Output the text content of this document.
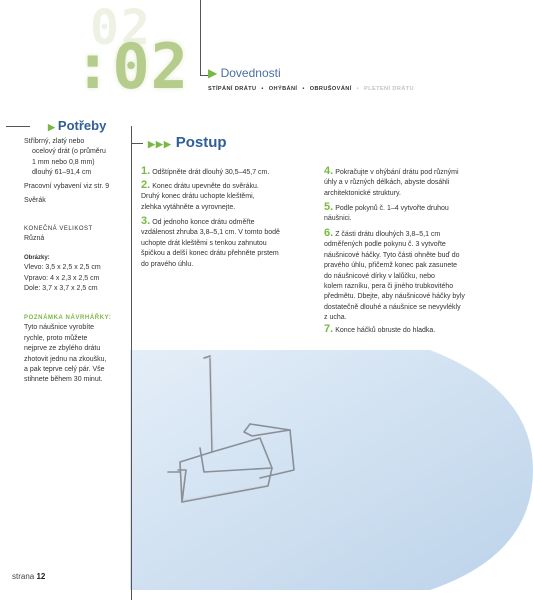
02
:02 ▶ Dovednosti
STÍPÁNÍ DRÁTU • OHÝBÁNÍ • OBRUŠOVÁNÍ • PLETENÍ DRÁTU
▶ Potřeby
Stříbrný, zlatý nebo
ocelový drát (o průměru
1 mm nebo 0,8 mm)
dlouhý 61–91,4 cm
Pracovní vybavení viz str. 9
Svěrák
KONEČNÁ VELIKOST
Různá
Obrázky:
Vlevo: 3,5 x 2,5 x 2,5 cm
Vpravo: 4 x 2,3 x 2,5 cm
Dole: 3,7 x 3,7 x 2,5 cm
POZNÁMKA NÁVRHÁŘKY:
Tyto náušnice vyrobíte
rychle, proto můžete
nejprve ze zbylého drátu
zhotovit jednu na zkoušku,
a pak teprve celý pár. Vše
stihnete během 30 minut.
▶▶▶ Postup
1. Odštípněte drát dlouhý 30,5–45,7 cm.
2. Konec drátu upevněte do svěráku.
Druhý konec drátu uchopte kleštěmi,
zlehka vytáhněte a vyrovnejte.
3. Od jednoho konce drátu odměřte
vzdálenost zhruba 3,8–5,1 cm. V tomto bodě
uchopte drát kleštěmi s tenkou zahnutou
špičkou a delší konec drátu přehněte prstem
do pravého úhlu.
4. Pokračujte v ohýbání drátu pod různými
úhly a v různých délkách, abyste dosáhli
architektonické struktury.
5. Podle pokynů č. 1–4 vytvořte druhou
náušnici.
6. Z části drátu dlouhých 3,8–5,1 cm
odměřených podle pokynu č. 3 vytvořte
náušnicové háčky. Tyto části ohněte buď do
pravého úhlu, přičemž konec pak zasunete
do náušnicové dírky v lalůčku, nebo
kolem razníku, pera či jiného trubkovitého
předmětu. Dbejte, aby náušnicové háčky byly
dostatečně dlouhé a náušnice se nevyvlékly
z ucha.
7. Konce háčků obruste do hladka.
strana 12
